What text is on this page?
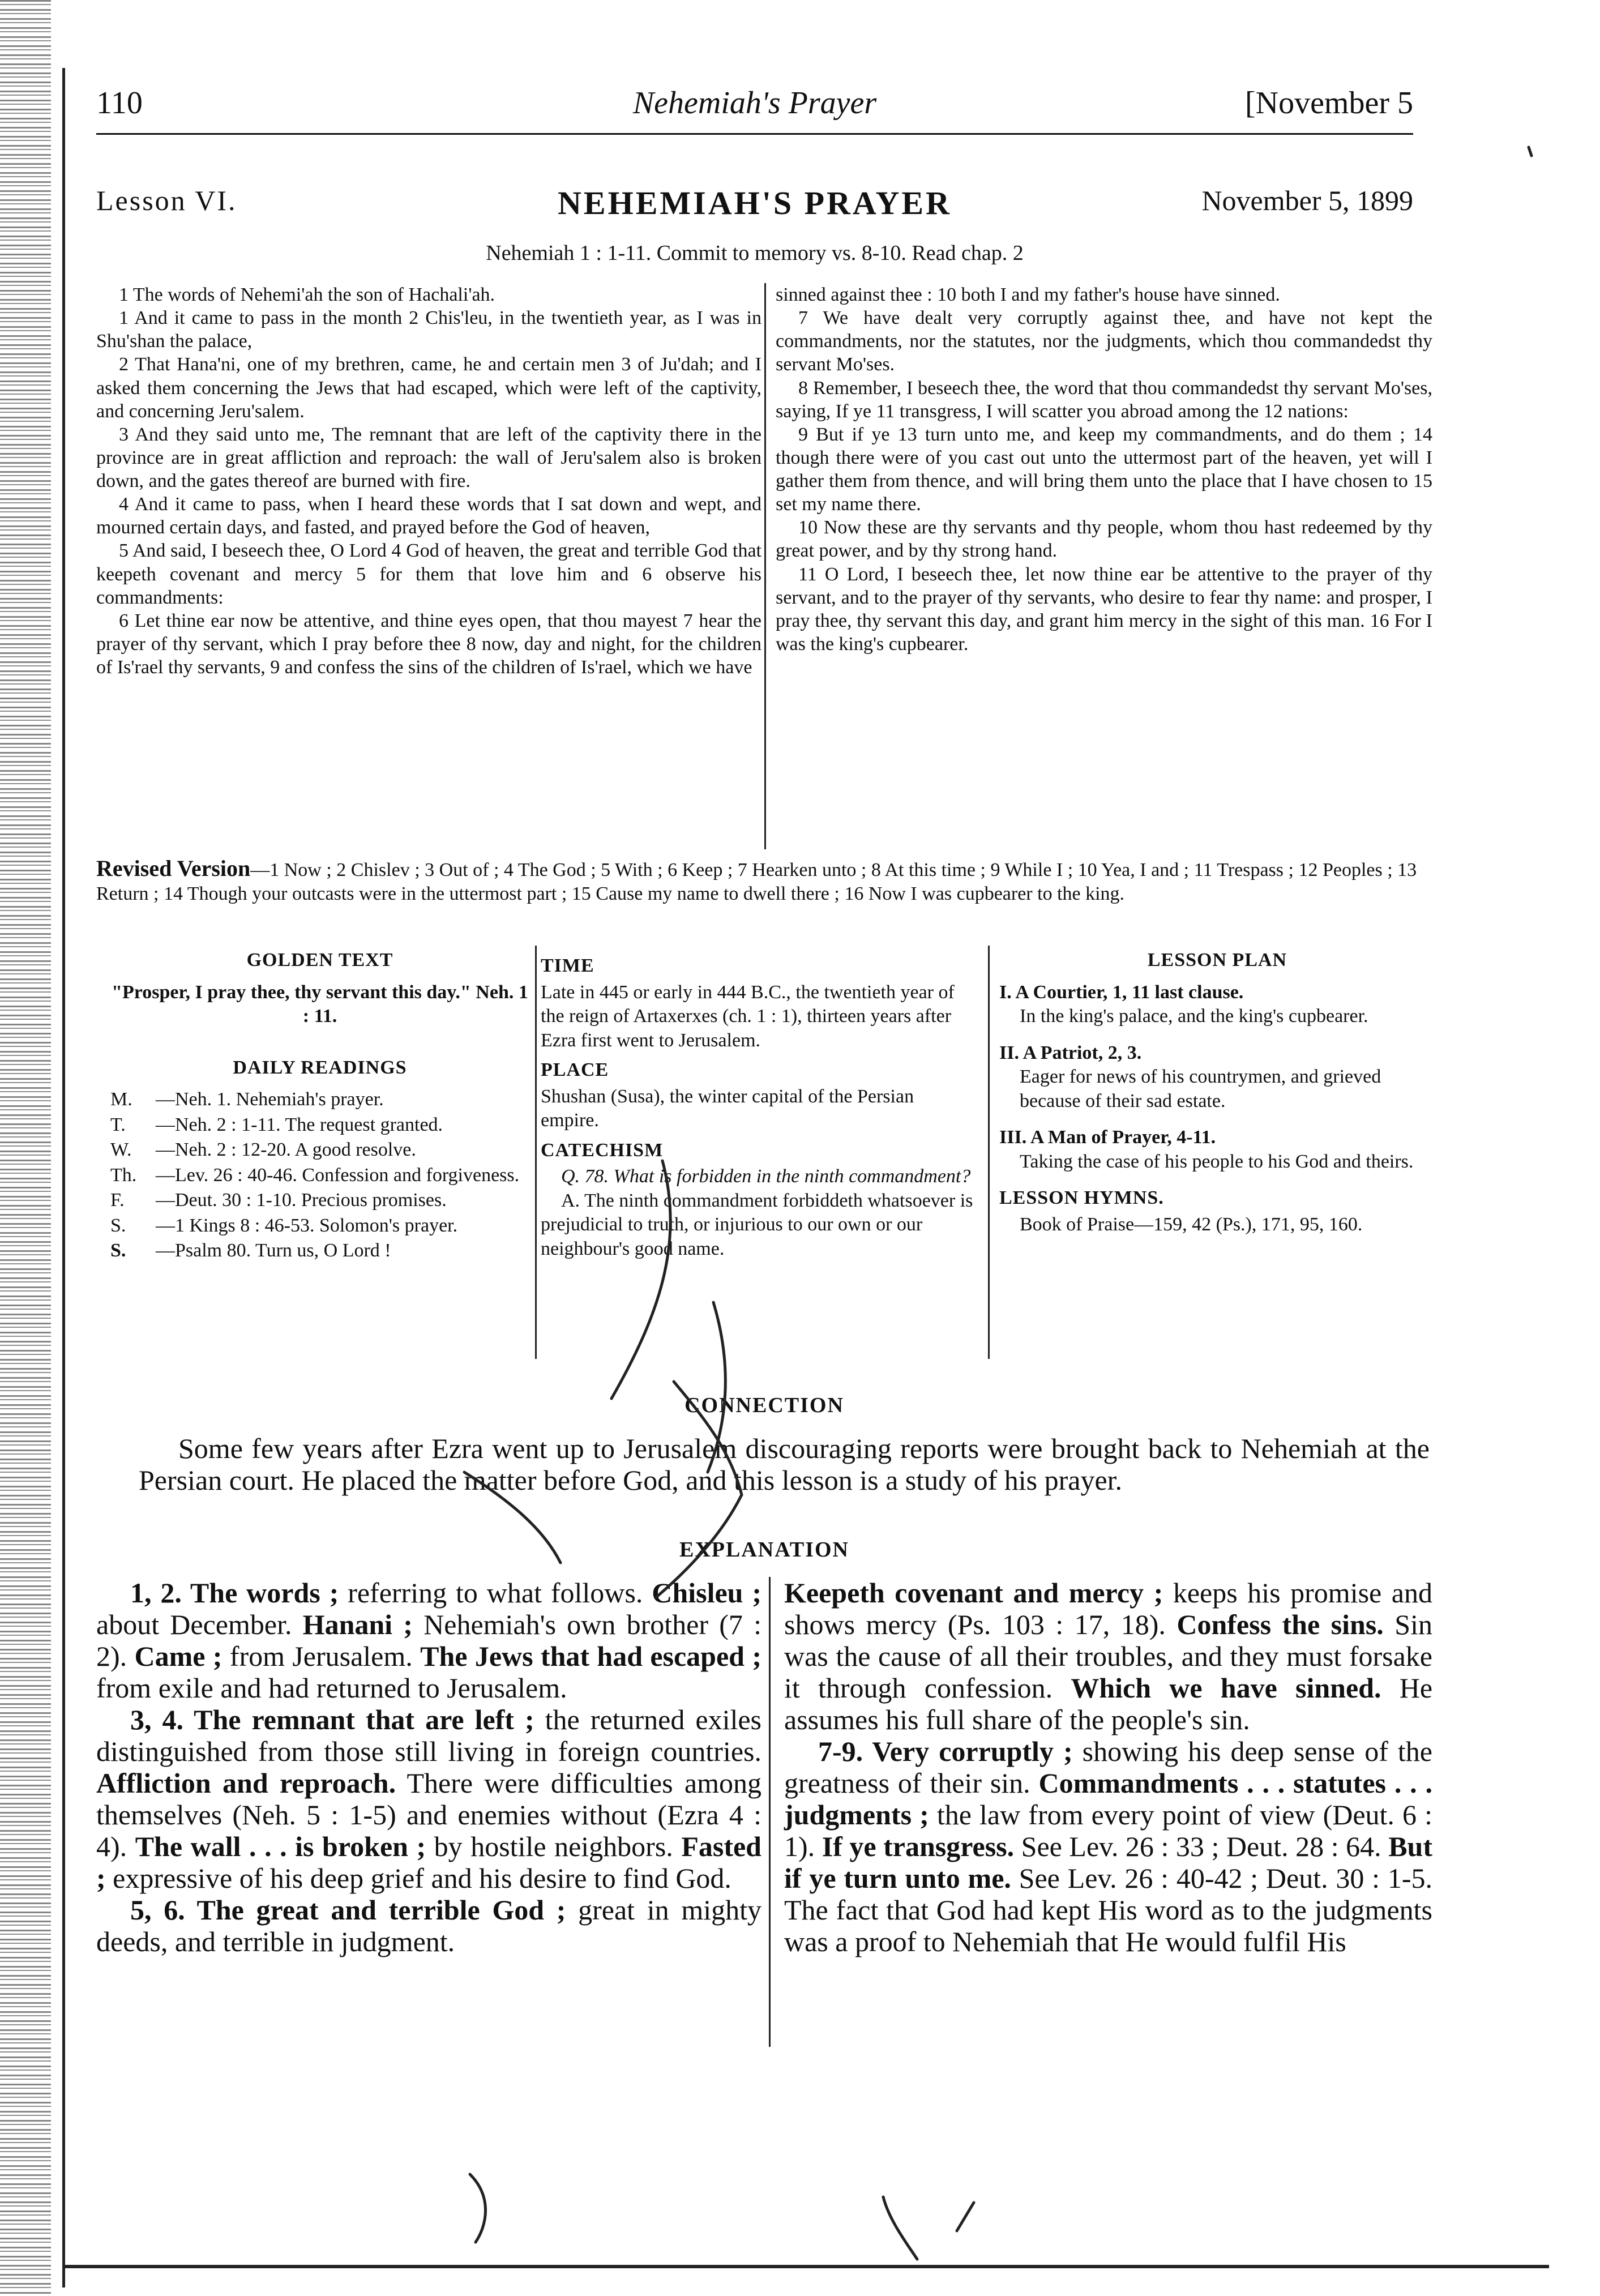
110	Nehemiah's Prayer	[November 5
Lesson VI.	NEHEMIAH'S PRAYER	November 5, 1899
Nehemiah 1 : 1-11. Commit to memory vs. 8-10. Read chap. 2

1 The words of Nehemi'ah the son of Hachali'ah.

1 And it came to pass in the month 2 Chis'leu, in the twentieth year, as I was in Shu'shan the palace,

2 That Hana'ni, one of my brethren, came, he and certain men 3 of Ju'dah; and I asked them concerning the Jews that had escaped, which were left of the captivity, and concerning Jeru'salem.

3 And they said unto me, The remnant that are left of the captivity there in the province are in great affliction and reproach: the wall of Jeru'salem also is broken down, and the gates thereof are burned with fire.

4 And it came to pass, when I heard these words that I sat down and wept, and mourned certain days, and fasted, and prayed before the God of heaven,

5 And said, I beseech thee, O Lord 4 God of heaven, the great and terrible God that keepeth covenant and mercy 5 for them that love him and 6 observe his commandments:

6 Let thine ear now be attentive, and thine eyes open, that thou mayest 7 hear the prayer of thy servant, which I pray before thee 8 now, day and night, for the children of Is'rael thy servants, 9 and confess the sins of the children of Is'rael, which we have

sinned against thee : 10 both I and my father's house have sinned.

7 We have dealt very corruptly against thee, and have not kept the commandments, nor the statutes, nor the judgments, which thou commandedst thy servant Mo'ses.

8 Remember, I beseech thee, the word that thou commandedst thy servant Mo'ses, saying, If ye 11 transgress, I will scatter you abroad among the 12 nations:

9 But if ye 13 turn unto me, and keep my commandments, and do them ; 14 though there were of you cast out unto the uttermost part of the heaven, yet will I gather them from thence, and will bring them unto the place that I have chosen to 15 set my name there.

10 Now these are thy servants and thy people, whom thou hast redeemed by thy great power, and by thy strong hand.

11 O Lord, I beseech thee, let now thine ear be attentive to the prayer of thy servant, and to the prayer of thy servants, who desire to fear thy name: and prosper, I pray thee, thy servant this day, and grant him mercy in the sight of this man. 16 For I was the king's cupbearer.

Revised Version—1 Now ; 2 Chislev ; 3 Out of ; 4 The God ; 5 With ; 6 Keep ; 7 Hearken unto ; 8 At this time ; 9 While I ; 10 Yea, I and ; 11 Trespass ; 12 Peoples ; 13 Return ; 14 Though your outcasts were in the uttermost part ; 15 Cause my name to dwell there ; 16 Now I was cupbearer to the king.
GOLDEN TEXT
"Prosper, I pray thee, thy servant this day." Neh. 1 : 11.
DAILY READINGS
M.	—Neh. 1. Nehemiah's prayer.
T.	—Neh. 2 : 1-11. The request granted.
W.	—Neh. 2 : 12-20. A good resolve.
Th. —Lev. 26 : 40-46. Confession and forgiveness.
F.	—Deut. 30 : 1-10. Precious promises.
S.	—1 Kings 8 : 46-53. Solomon's prayer.
S.	—Psalm 80. Turn us, O Lord !
TIME
Late in 445 or early in 444 B.C., the twentieth year of the reign of Artaxerxes (ch. 1 : 1), thirteen years after Ezra first went to Jerusalem.
PLACE
Shushan (Susa), the winter capital of the Persian empire.
CATECHISM
Q. 78. What is forbidden in the ninth commandment?
A. The ninth commandment forbiddeth whatsoever is prejudicial to truth, or injurious to our own or our neighbour's good name.
LESSON PLAN
I. A Courtier, 1, 11 last clause.
In the king's palace, and the king's cupbearer.
II. A Patriot, 2, 3.
Eager for news of his countrymen, and grieved because of their sad estate.
III. A Man of Prayer, 4-11.
Taking the case of his people to his God and theirs.
LESSON HYMNS.
Book of Praise—159, 42 (Ps.), 171, 95, 160.
CONNECTION
Some few years after Ezra went up to Jerusalem discouraging reports were brought back to Nehemiah at the Persian court. He placed the matter before God, and this lesson is a study of his prayer.
EXPLANATION

1, 2. The words ; referring to what follows. Chisleu ; about December. Hanani ; Nehemiah's own brother (7 : 2). Came ; from Jerusalem. The Jews that had escaped ; from exile and had returned to Jerusalem.

3, 4. The remnant that are left ; the returned exiles distinguished from those still living in foreign countries. Affliction and reproach. There were difficulties among themselves (Neh. 5 : 1-5) and enemies without (Ezra 4 : 4). The wall . . . is broken ; by hostile neighbors. Fasted ; expressive of his deep grief and his desire to find God.

5, 6. The great and terrible God ; great in mighty deeds, and terrible in judgment.

Keepeth covenant and mercy ; keeps his promise and shows mercy (Ps. 103 : 17, 18). Confess the sins. Sin was the cause of all their troubles, and they must forsake it through confession. Which we have sinned. He assumes his full share of the people's sin.

7-9. Very corruptly ; showing his deep sense of the greatness of their sin. Commandments . . . statutes . . . judgments ; the law from every point of view (Deut. 6 : 1). If ye transgress. See Lev. 26 : 33 ; Deut. 28 : 64. But if ye turn unto me. See Lev. 26 : 40-42 ; Deut. 30 : 1-5. The fact that God had kept His word as to the judgments was a proof to Nehemiah that He would fulfil His
